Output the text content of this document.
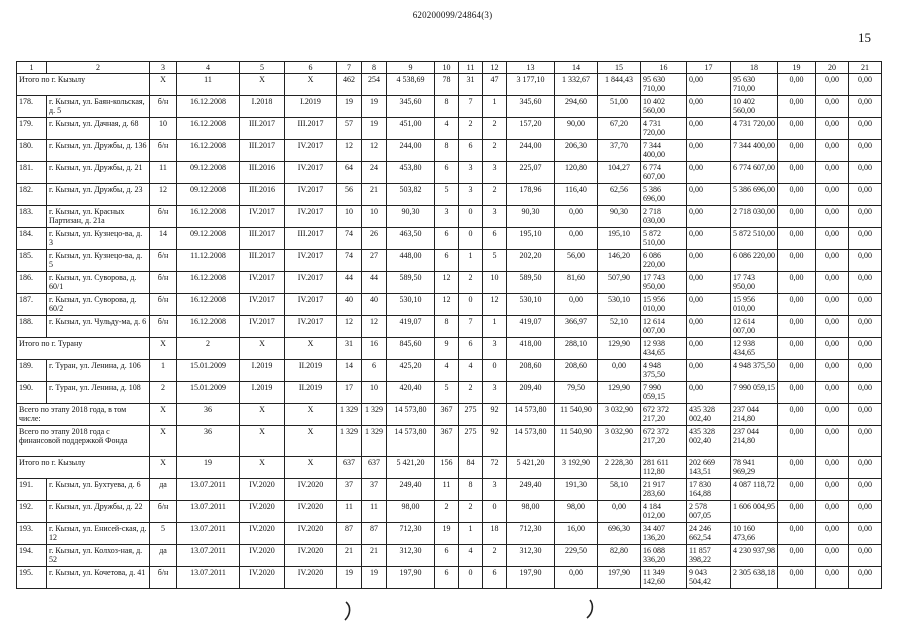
620200099/24864(3)
15
1	2	3	4	5	6	7	8	9	10	11	12	13	14	15	16	17	18	19	20	21
Итого по г. Кызылу		X	11	X	X	462	254	4 538,69	78	31	47	3 177,10	1 332,67	1 844,43	95 630 710,00	0,00	95 630 710,00	0,00	0,00	0,00
178.	г. Кызыл, ул. Баян-кольская, д. 5	б/н	16.12.2008	I.2018	I.2019	19	19	345,60	8	7	1	345,60	294,60	51,00	10 402 560,00	0,00	10 402 560,00	0,00	0,00	0,00
179.	г. Кызыл, ул. Дачная, д. 68	10	16.12.2008	III.2017	III.2017	57	19	451,00	4	2	2	157,20	90,00	67,20	4 731 720,00	0,00	4 731 720,00	0,00	0,00	0,00
180.	г. Кызыл, ул. Дружбы, д. 136	б/н	16.12.2008	III.2017	IV.2017	12	12	244,00	8	6	2	244,00	206,30	37,70	7 344 400,00	0,00	7 344 400,00	0,00	0,00	0,00
181.	г. Кызыл, ул. Дружбы, д. 21	11	09.12.2008	III.2016	IV.2017	64	24	453,80	6	3	3	225,07	120,80	104,27	6 774 607,00	0,00	6 774 607,00	0,00	0,00	0,00
182.	г. Кызыл, ул. Дружбы, д. 23	12	09.12.2008	III.2016	IV.2017	56	21	503,82	5	3	2	178,96	116,40	62,56	5 386 696,00	0,00	5 386 696,00	0,00	0,00	0,00
183.	г. Кызыл, ул. Красных Партизан, д. 21а	б/н	16.12.2008	IV.2017	IV.2017	10	10	90,30	3	0	3	90,30	0,00	90,30	2 718 030,00	0,00	2 718 030,00	0,00	0,00	0,00
184.	г. Кызыл, ул. Кузнецо-ва, д. 3	14	09.12.2008	III.2017	III.2017	74	26	463,50	6	0	6	195,10	0,00	195,10	5 872 510,00	0,00	5 872 510,00	0,00	0,00	0,00
185.	г. Кызыл, ул. Кузнецо-ва, д. 5	б/н	11.12.2008	III.2017	IV.2017	74	27	448,00	6	1	5	202,20	56,00	146,20	6 086 220,00	0,00	6 086 220,00	0,00	0,00	0,00
186.	г. Кызыл, ул. Суворова, д. 60/1	б/н	16.12.2008	IV.2017	IV.2017	44	44	589,50	12	2	10	589,50	81,60	507,90	17 743 950,00	0,00	17 743 950,00	0,00	0,00	0,00
187.	г. Кызыл, ул. Суворова, д. 60/2	б/н	16.12.2008	IV.2017	IV.2017	40	40	530,10	12	0	12	530,10	0,00	530,10	15 956 010,00	0,00	15 956 010,00	0,00	0,00	0,00
188.	г. Кызыл, ул. Чульду-ма, д. 6	б/н	16.12.2008	IV.2017	IV.2017	12	12	419,07	8	7	1	419,07	366,97	52,10	12 614 007,00	0,00	12 614 007,00	0,00	0,00	0,00
Итого по г. Турану		X	2	X	X	31	16	845,60	9	6	3	418,00	288,10	129,90	12 938 434,65	0,00	12 938 434,65	0,00	0,00	0,00
189.	г. Туран, ул. Ленина, д. 106	1	15.01.2009	I.2019	II.2019	14	6	425,20	4	4	0	208,60	208,60	0,00	4 948 375,50	0,00	4 948 375,50	0,00	0,00	0,00
190.	г. Туран, ул. Ленина, д. 108	2	15.01.2009	I.2019	II.2019	17	10	420,40	5	2	3	209,40	79,50	129,90	7 990 059,15	0,00	7 990 059,15	0,00	0,00	0,00
Всего по этапу 2018 года, в том числе:		X	36	X	X	1 329	1 329	14 573,80	367	275	92	14 573,80	11 540,90	3 032,90	672 372 217,20	435 328 002,40	237 044 214,80	0,00	0,00	0,00
Всего по этапу 2018 года с финансовой поддержкой Фонда		X	36	X	X	1 329	1 329	14 573,80	367	275	92	14 573,80	11 540,90	3 032,90	672 372 217,20	435 328 002,40	237 044 214,80	0,00	0,00	0,00
Итого по г. Кызылу		X	19	X	X	637	637	5 421,20	156	84	72	5 421,20	3 192,90	2 228,30	281 611 112,80	202 669 143,51	78 941 969,29	0,00	0,00	0,00
191.	г. Кызыл, ул. Бухтуева, д. 6	да	13.07.2011	IV.2020	IV.2020	37	37	249,40	11	8	3	249,40	191,30	58,10	21 917 283,60	17 830 164,88	4 087 118,72	0,00	0,00	0,00
192.	г. Кызыл, ул. Дружбы, д. 22	б/н	13.07.2011	IV.2020	IV.2020	11	11	98,00	2	2	0	98,00	98,00	0,00	4 184 012,00	2 578 007,05	1 606 004,95	0,00	0,00	0,00
193.	г. Кызыл, ул. Енисей-ская, д. 12	5	13.07.2011	IV.2020	IV.2020	87	87	712,30	19	1	18	712,30	16,00	696,30	34 407 136,20	24 246 662,54	10 160 473,66	0,00	0,00	0,00
194.	г. Кызыл, ул. Колхоз-ная, д. 52	да	13.07.2011	IV.2020	IV.2020	21	21	312,30	6	4	2	312,30	229,50	82,80	16 088 336,20	11 857 398,22	4 230 937,98	0,00	0,00	0,00
195.	г. Кызыл, ул. Кочетова, д. 41	б/н	13.07.2011	IV.2020	IV.2020	19	19	197,90	6	0	6	197,90	0,00	197,90	11 349 142,60	9 043 504,42	2 305 638,18	0,00	0,00	0,00
